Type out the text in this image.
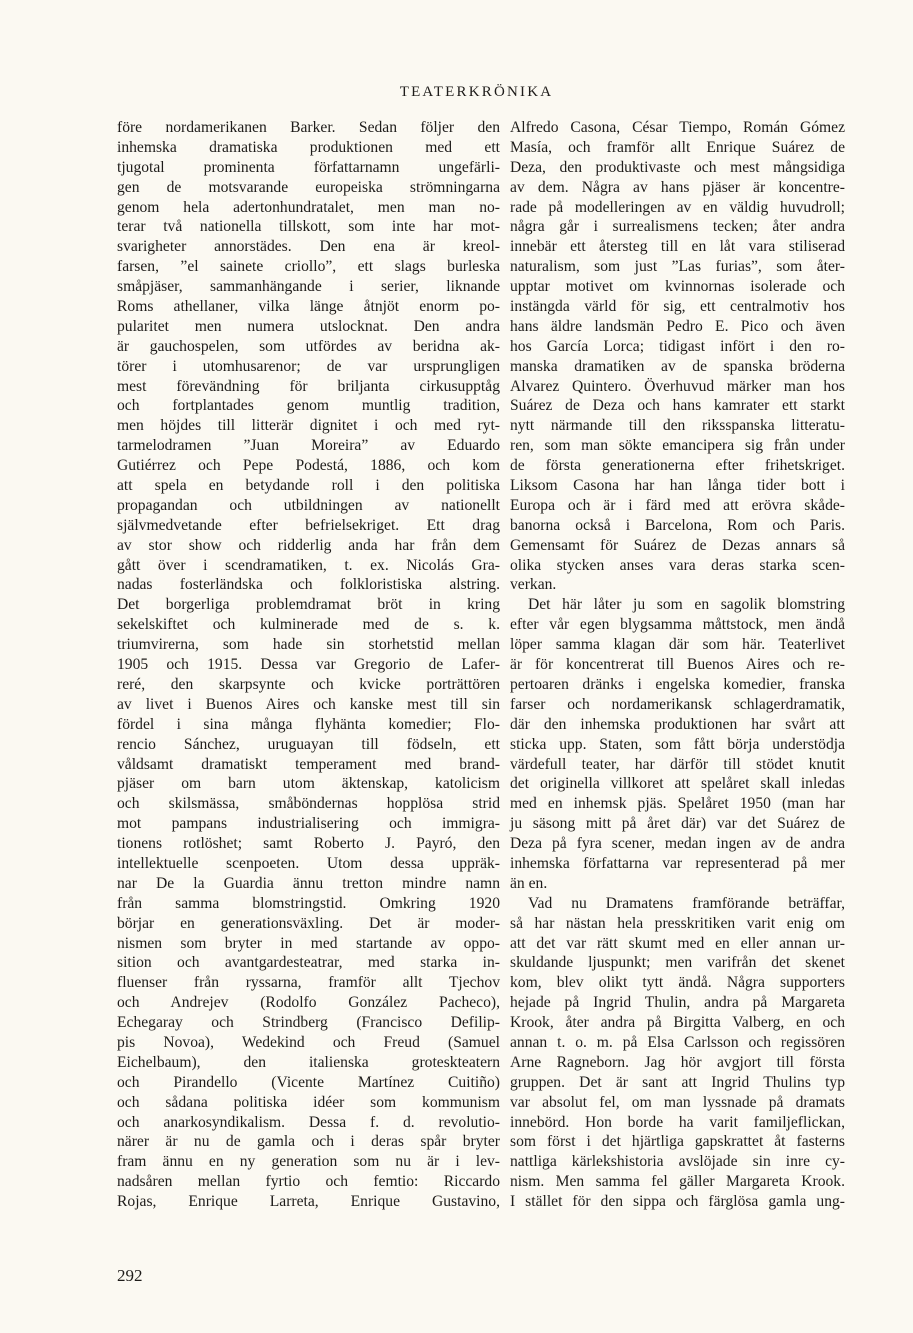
TEATERKRÖNIKA
före nordamerikanen Barker. Sedan följer den
inhemska dramatiska produktionen med ett
tjugotal prominenta författarnamn ungefärli-
gen de motsvarande europeiska strömningarna
genom hela adertonhundratalet, men man no-
terar två nationella tillskott, som inte har mot-
svarigheter annorstädes. Den ena är kreol-
farsen, ”el sainete criollo”, ett slags burleska
småpjäser, sammanhängande i serier, liknande
Roms athellaner, vilka länge åtnjöt enorm po-
pularitet men numera utslocknat. Den andra
är gauchospelen, som utfördes av beridna ak-
törer i utomhusarenor; de var ursprungligen
mest förevändning för briljanta cirkusupptåg
och fortplantades genom muntlig tradition,
men höjdes till litterär dignitet i och med ryt-
tarmelodramen ”Juan Moreira” av Eduardo
Gutiérrez och Pepe Podestá, 1886, och kom
att spela en betydande roll i den politiska
propagandan och utbildningen av nationellt
självmedvetande efter befrielsekriget. Ett drag
av stor show och ridderlig anda har från dem
gått över i scendramatiken, t. ex. Nicolás Gra-
nadas fosterländska och folkloristiska alstring.
Det borgerliga problemdramat bröt in kring
sekelskiftet och kulminerade med de s. k.
triumvirerna, som hade sin storhetstid mellan
1905 och 1915. Dessa var Gregorio de Lafer-
reré, den skarpsynte och kvicke porträttören
av livet i Buenos Aires och kanske mest till sin
fördel i sina många flyhänta komedier; Flo-
rencio Sánchez, uruguayan till födseln, ett
våldsamt dramatiskt temperament med brand-
pjäser om barn utom äktenskap, katolicism
och skilsmässa, småböndernas hopplösa strid
mot pampans industrialisering och immigra-
tionens rotlöshet; samt Roberto J. Payró, den
intellektuelle scenpoeten. Utom dessa uppräk-
nar De la Guardia ännu tretton mindre namn
från samma blomstringstid. Omkring 1920
börjar en generationsväxling. Det är moder-
nismen som bryter in med startande av oppo-
sition och avantgardesteatrar, med starka in-
fluenser från ryssarna, framför allt Tjechov
och Andrejev (Rodolfo González Pacheco),
Echegaray och Strindberg (Francisco Defilip-
pis Novoa), Wedekind och Freud (Samuel
Eichelbaum), den italienska groteskteatern
och Pirandello (Vicente Martínez Cuitiño)
och sådana politiska idéer som kommunism
och anarkosyndikalism. Dessa f. d. revolutio-
närer är nu de gamla och i deras spår bryter
fram ännu en ny generation som nu är i lev-
nadsåren mellan fyrtio och femtio: Riccardo
Rojas, Enrique Larreta, Enrique Gustavino,
Alfredo Casona, César Tiempo, Román Gómez
Masía, och framför allt Enrique Suárez de
Deza, den produktivaste och mest mångsidiga
av dem. Några av hans pjäser är koncentre-
rade på modelleringen av en väldig huvudroll;
några går i surrealismens tecken; åter andra
innebär ett återsteg till en låt vara stiliserad
naturalism, som just ”Las furias”, som åter-
upptar motivet om kvinnornas isolerade och
instängda värld för sig, ett centralmotiv hos
hans äldre landsmän Pedro E. Pico och även
hos García Lorca; tidigast infört i den ro-
manska dramatiken av de spanska bröderna
Alvarez Quintero. Överhuvud märker man hos
Suárez de Deza och hans kamrater ett starkt
nytt närmande till den riksspanska litteratu-
ren, som man sökte emancipera sig från under
de första generationerna efter frihetskriget.
Liksom Casona har han långa tider bott i
Europa och är i färd med att erövra skåde-
banorna också i Barcelona, Rom och Paris.
Gemensamt för Suárez de Dezas annars så
olika stycken anses vara deras starka scen-
verkan.
Det här låter ju som en sagolik blomstring
efter vår egen blygsamma måttstock, men ändå
löper samma klagan där som här. Teaterlivet
är för koncentrerat till Buenos Aires och re-
pertoaren dränks i engelska komedier, franska
farser och nordamerikansk schlagerdramatik,
där den inhemska produktionen har svårt att
sticka upp. Staten, som fått börja understödja
värdefull teater, har därför till stödet knutit
det originella villkoret att spelåret skall inledas
med en inhemsk pjäs. Spelåret 1950 (man har
ju säsong mitt på året där) var det Suárez de
Deza på fyra scener, medan ingen av de andra
inhemska författarna var representerad på mer
än en.
Vad nu Dramatens framförande beträffar,
så har nästan hela presskritiken varit enig om
att det var rätt skumt med en eller annan ur-
skuldande ljuspunkt; men varifrån det skenet
kom, blev olikt tytt ändå. Några supporters
hejade på Ingrid Thulin, andra på Margareta
Krook, åter andra på Birgitta Valberg, en och
annan t. o. m. på Elsa Carlsson och regissören
Arne Ragneborn. Jag hör avgjort till första
gruppen. Det är sant att Ingrid Thulins typ
var absolut fel, om man lyssnade på dramats
innebörd. Hon borde ha varit familjeflickan,
som först i det hjärtliga gapskrattet åt fasterns
nattliga kärlekshistoria avslöjade sin inre cy-
nism. Men samma fel gäller Margareta Krook.
I stället för den sippa och färglösa gamla ung-
292
